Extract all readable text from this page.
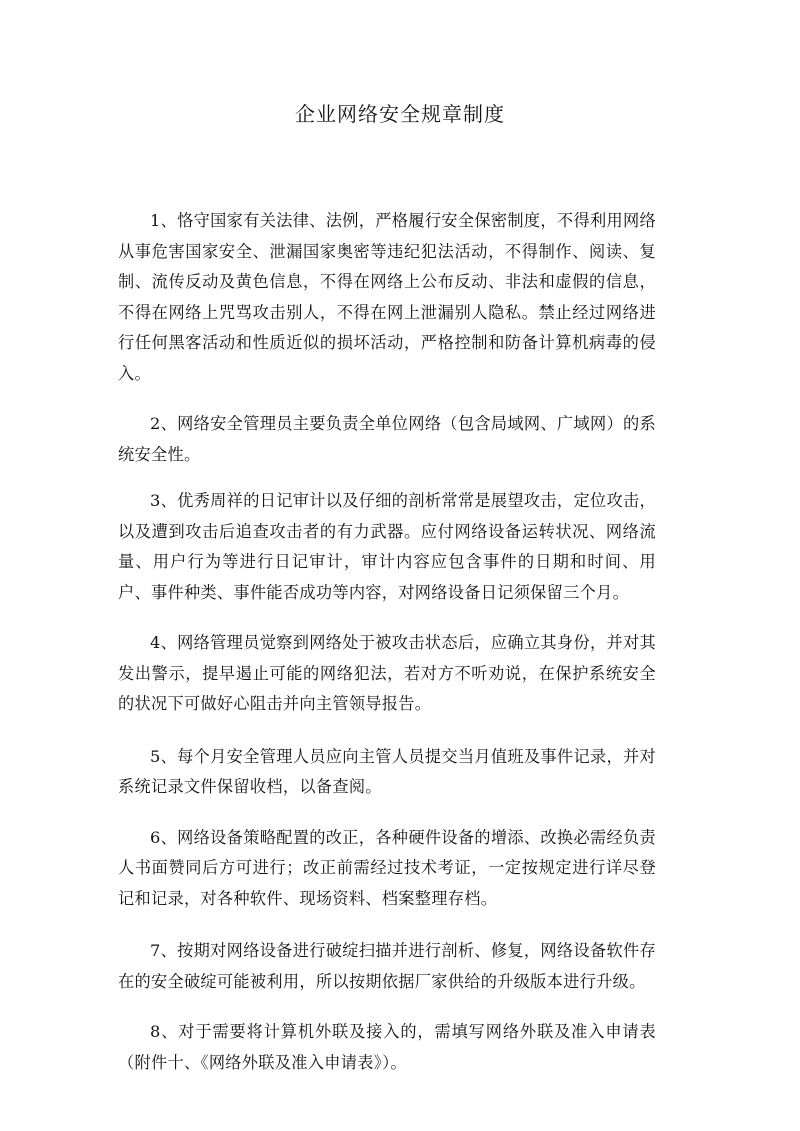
企业网络安全规章制度

1、恪守国家有关法律、法例，严格履行安全保密制度，不得利用网络从事危害国家安全、泄漏国家奥密等违纪犯法活动，不得制作、阅读、复制、流传反动及黄色信息，不得在网络上公布反动、非法和虚假的信息，不得在网络上咒骂攻击别人，不得在网上泄漏别人隐私。禁止经过网络进行任何黑客活动和性质近似的损坏活动，严格控制和防备计算机病毒的侵入。

2、网络安全管理员主要负责全单位网络（包含局域网、广域网）的系统安全性。

3、优秀周祥的日记审计以及仔细的剖析常常是展望攻击，定位攻击，以及遭到攻击后追查攻击者的有力武器。应付网络设备运转状况、网络流量、用户行为等进行日记审计，审计内容应包含事件的日期和时间、用户、事件种类、事件能否成功等内容，对网络设备日记须保留三个月。

4、网络管理员觉察到网络处于被攻击状态后，应确立其身份，并对其发出警示，提早遏止可能的网络犯法，若对方不听劝说，在保护系统安全的状况下可做好心阻击并向主管领导报告。

5、每个月安全管理人员应向主管人员提交当月值班及事件记录，并对系统记录文件保留收档，以备查阅。

6、网络设备策略配置的改正，各种硬件设备的增添、改换必需经负责人书面赞同后方可进行；改正前需经过技术考证，一定按规定进行详尽登记和记录，对各种软件、现场资料、档案整理存档。

7、按期对网络设备进行破绽扫描并进行剖析、修复，网络设备软件存在的安全破绽可能被利用，所以按期依据厂家供给的升级版本进行升级。

8、对于需要将计算机外联及接入的，需填写网络外联及准入申请表（附件十、《网络外联及准入申请表》）。
